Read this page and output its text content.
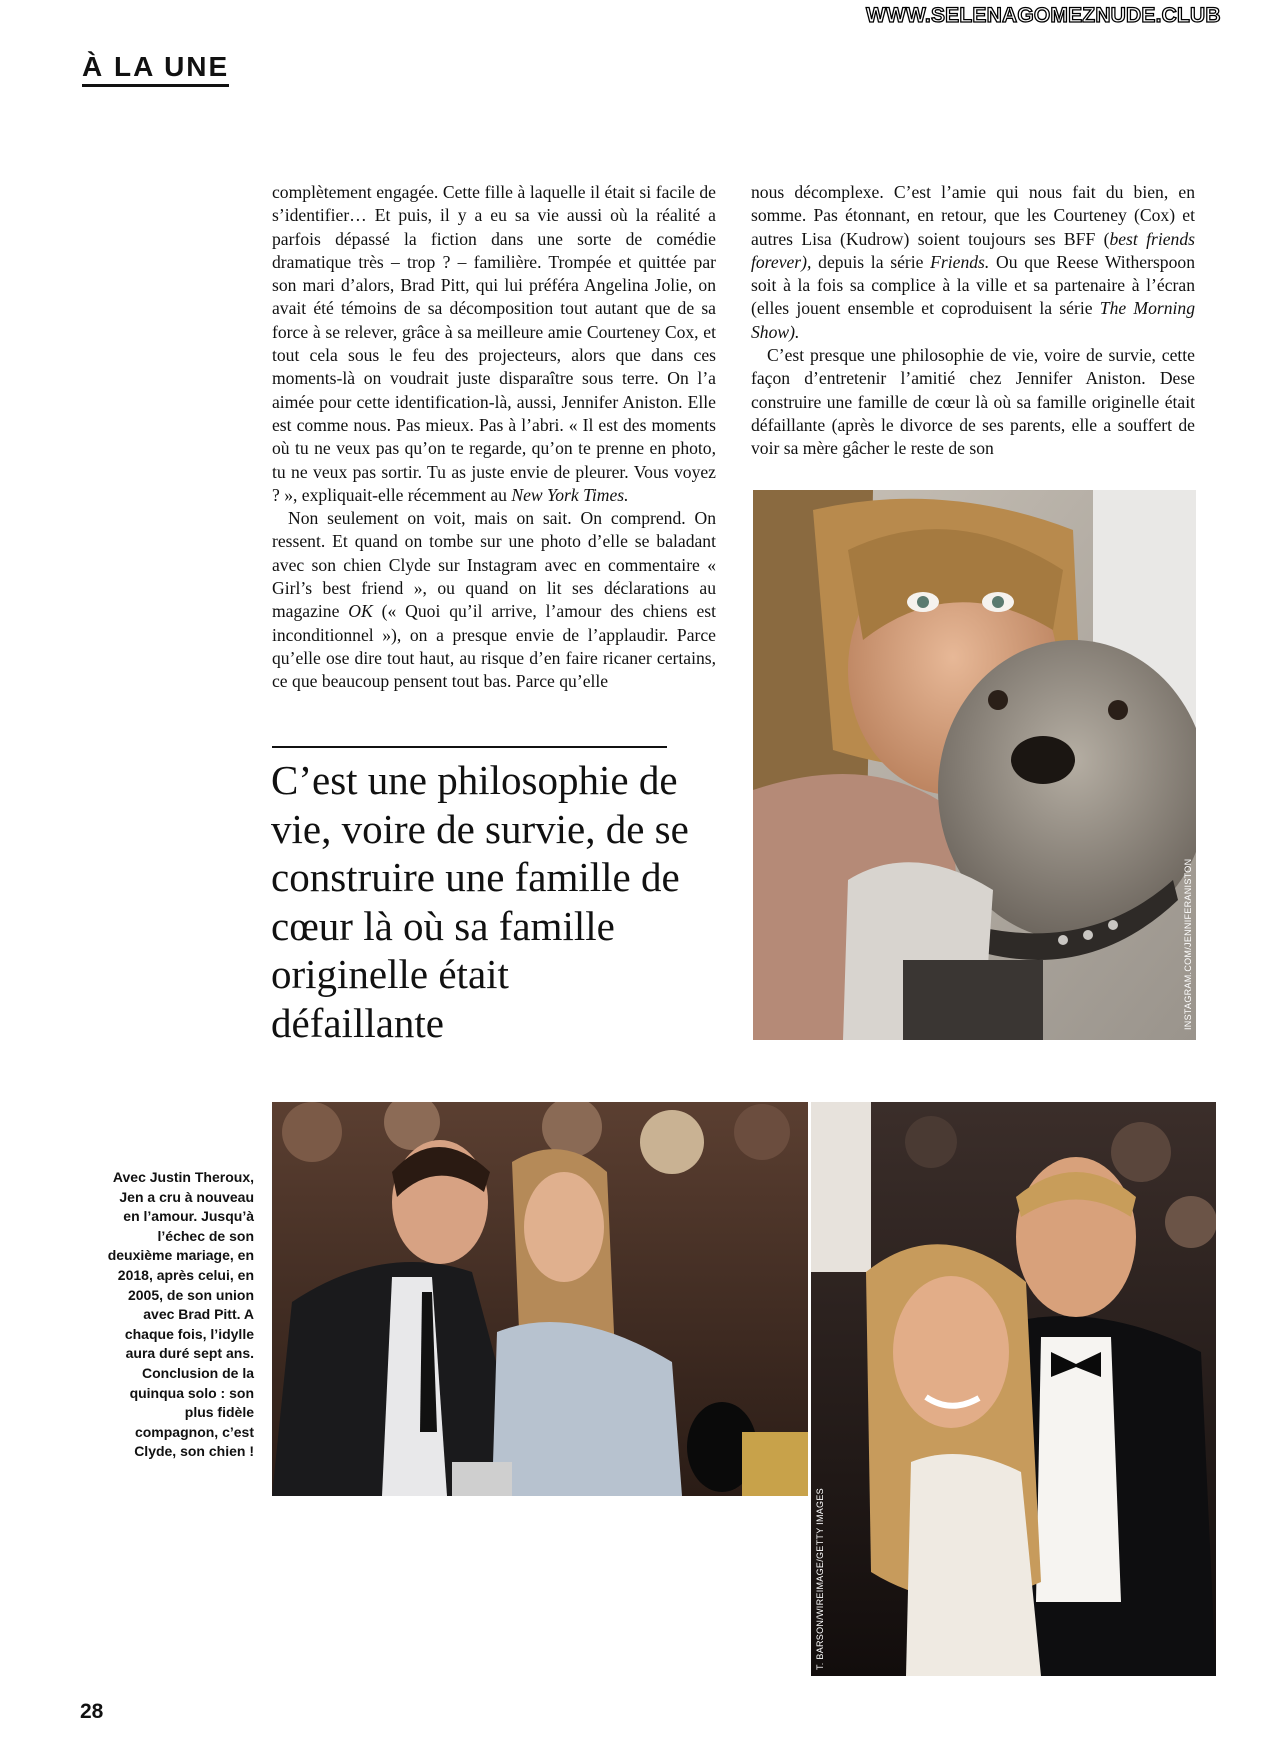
WWW.SELENAGOMEZNUDE.CLUB
À LA UNE

complètement engagée. Cette fille à laquelle il était si facile de s’identifier… Et puis, il y a eu sa vie aussi où la réalité a parfois dépassé la fiction dans une sorte de comédie dramatique très – trop ? – familière. Trompée et quittée par son mari d’alors, Brad Pitt, qui lui préféra Angelina Jolie, on avait été témoins de sa décomposition tout autant que de sa force à se relever, grâce à sa meilleure amie Courteney Cox, et tout cela sous le feu des projecteurs, alors que dans ces moments-là on voudrait juste disparaître sous terre. On l’a aimée pour cette identification-là, aussi, Jennifer Aniston. Elle est comme nous. Pas mieux. Pas à l’abri. « Il est des moments où tu ne veux pas qu’on te regarde, qu’on te prenne en photo, tu ne veux pas sortir. Tu as juste envie de pleurer. Vous voyez ? », expliquait-elle récemment au New York Times.

Non seulement on voit, mais on sait. On comprend. On ressent. Et quand on tombe sur une photo d’elle se baladant avec son chien Clyde sur Instagram avec en commentaire « Girl’s best friend », ou quand on lit ses déclarations au magazine OK (« Quoi qu’il arrive, l’amour des chiens est inconditionnel »), on a presque envie de l’applaudir. Parce qu’elle ose dire tout haut, au risque d’en faire ricaner certains, ce que beaucoup pensent tout bas. Parce qu’elle

nous décomplexe. C’est l’amie qui nous fait du bien, en somme. Pas étonnant, en retour, que les Courteney (Cox) et autres Lisa (Kudrow) soient toujours ses BFF (best friends forever), depuis la série Friends. Ou que Reese Witherspoon soit à la fois sa complice à la ville et sa partenaire à l’écran (elles jouent ensemble et coproduisent la série The Morning Show).

C’est presque une philosophie de vie, voire de survie, cette façon d’entretenir l’amitié chez Jennifer Aniston. Dese construire une famille de cœur là où sa famille originelle était défaillante (après le divorce de ses parents, elle a souffert de voir sa mère gâcher le reste de son

C’est une philosophie de vie, voire de survie, de se construire une famille de cœur là où sa famille originelle était défaillante	INSTAGRAM.COM/JENNIFERANISTON
T.ROSE/GETTY IMAGES/AFP
T. BARSON/WIREIMAGE/GETTY IMAGES
Avec Justin Theroux, Jen a cru à nouveau en l’amour. Jusqu’à l’échec de son deuxième mariage, en 2018, après celui, en 2005, de son union avec Brad Pitt. A chaque fois, l’idylle aura duré sept ans. Conclusion de la quinqua solo : son plus fidèle compagnon, c’est Clyde, son chien !
28
